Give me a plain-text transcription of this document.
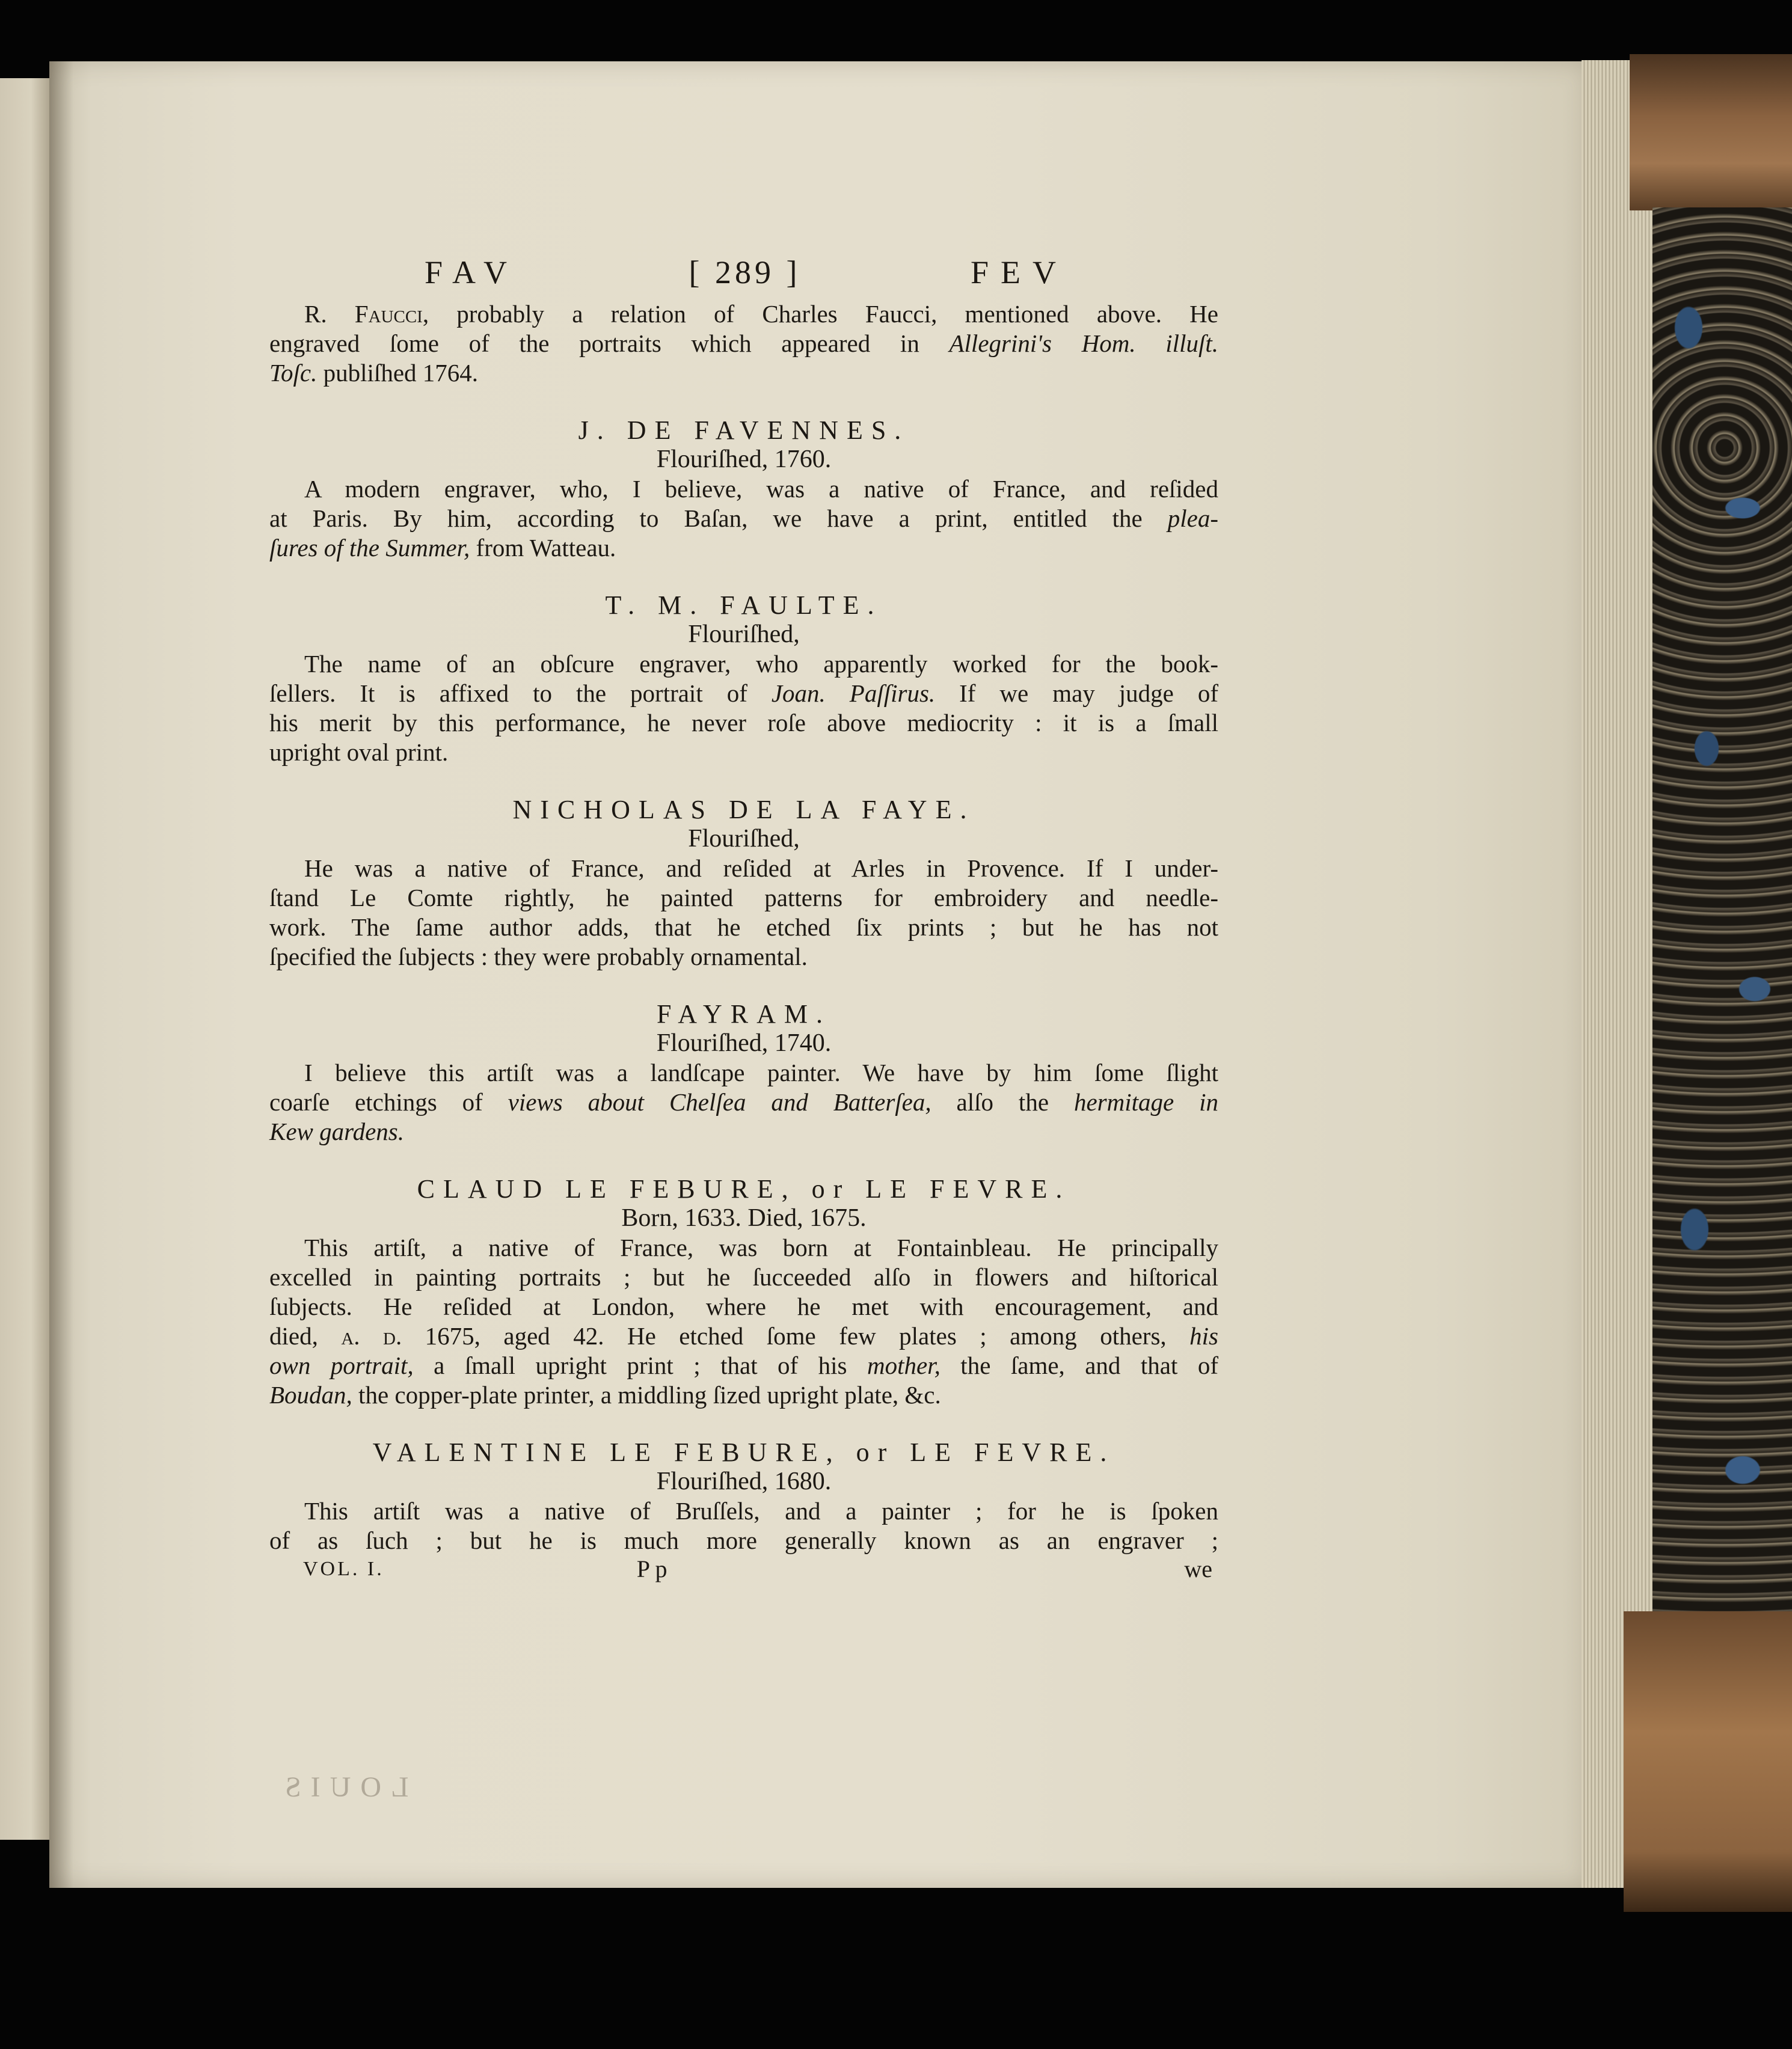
LOUIS
FAV	[ 289 ]	FEV
R. Faucci, probably a relation of Charles Faucci, mentioned above. He
engraved ſome of the portraits which appeared in Allegrini's Hom. illuſt.
Toſc. publiſhed 1764.
J. DE FAVENNES.
Flouriſhed, 1760.
A modern engraver, who, I believe, was a native of France, and reſided
at Paris. By him, according to Baſan, we have a print, entitled the plea-
ſures of the Summer, from Watteau.
T. M. FAULTE.
Flouriſhed,
The name of an obſcure engraver, who apparently worked for the book-
ſellers. It is affixed to the portrait of Joan. Paſſirus. If we may judge of
his merit by this performance, he never roſe above mediocrity : it is a ſmall
upright oval print.
NICHOLAS DE LA FAYE.
Flouriſhed,
He was a native of France, and reſided at Arles in Provence. If I under-
ſtand Le Comte rightly, he painted patterns for embroidery and needle-
work. The ſame author adds, that he etched ſix prints ; but he has not
ſpecified the ſubjects : they were probably ornamental.
FAYRAM.
Flouriſhed, 1740.
I believe this artiſt was a landſcape painter. We have by him ſome ſlight
coarſe etchings of views about Chelſea and Batterſea, alſo the hermitage in
Kew gardens.
CLAUD LE FEBURE, or LE FEVRE.
Born, 1633. Died, 1675.
This artiſt, a native of France, was born at Fontainbleau. He principally
excelled in painting portraits ; but he ſucceeded alſo in flowers and hiſtorical
ſubjects. He reſided at London, where he met with encouragement, and
died, a. d. 1675, aged 42. He etched ſome few plates ; among others, his
own portrait, a ſmall upright print ; that of his mother, the ſame, and that of
Boudan, the copper-plate printer, a middling ſized upright plate, &c.
VALENTINE LE FEBURE, or LE FEVRE.
Flouriſhed, 1680.
This artiſt was a native of Bruſſels, and a painter ; for he is ſpoken
of as ſuch ; but he is much more generally known as an engraver ;
VOL. I.	P p	we
